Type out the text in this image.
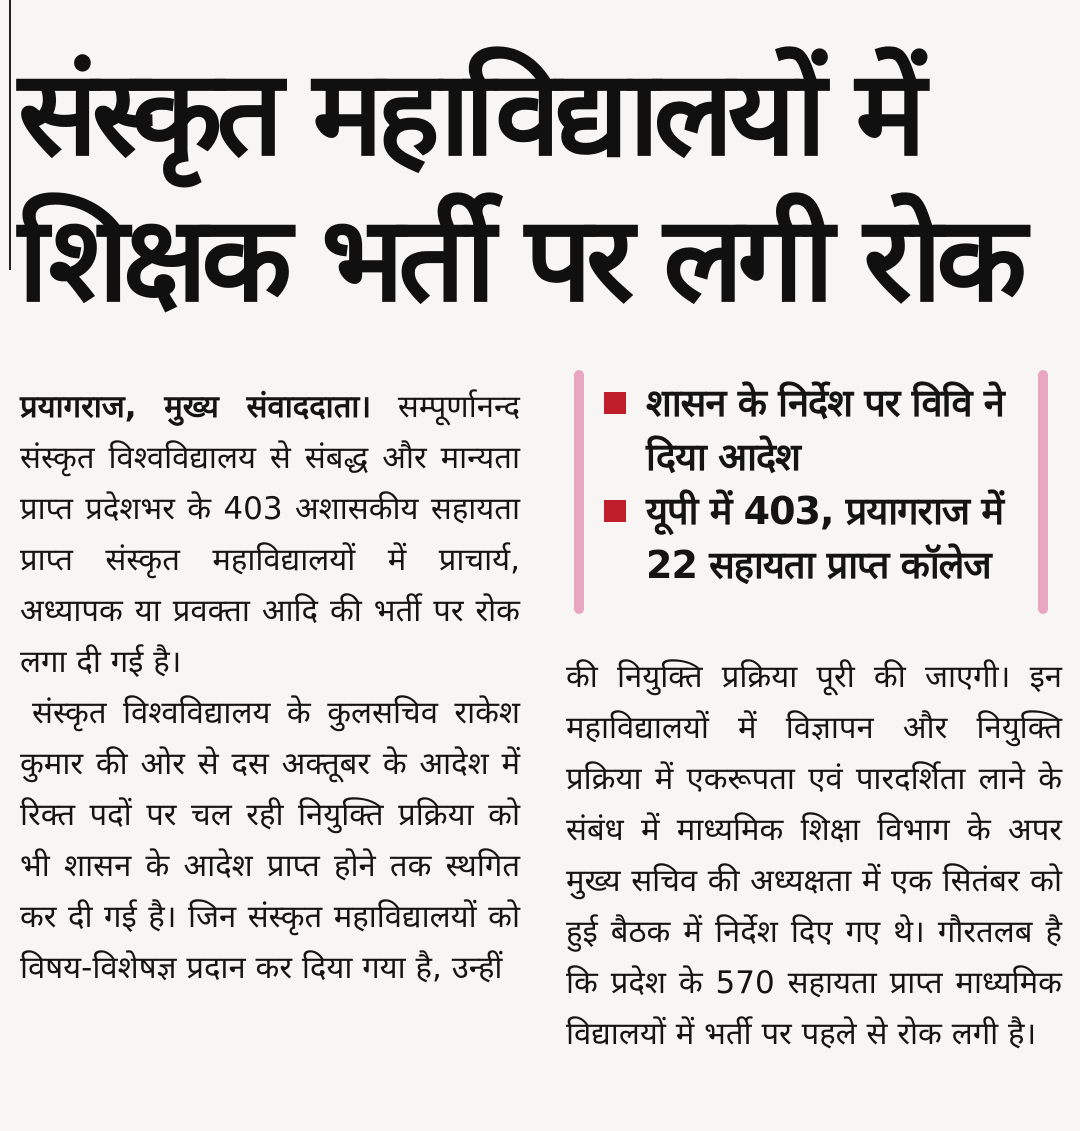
संस्कृत महाविद्यालयों में
शिक्षक भर्ती पर लगी रोक

प्रयागराज, मुख्य संवाददाता। सम्पूर्णानन्द संस्कृत विश्वविद्यालय से संबद्ध और मान्यता प्राप्त प्रदेशभर के 403 अशासकीय सहायता प्राप्त संस्कृत महाविद्यालयों में प्राचार्य, अध्यापक या प्रवक्ता आदि की भर्ती पर रोक लगा दी गई है।

संस्कृत विश्वविद्यालय के कुलसचिव राकेश कुमार की ओर से दस अक्तूबर के आदेश में रिक्त पदों पर चल रही नियुक्ति प्रक्रिया को भी शासन के आदेश प्राप्त होने तक स्थगित कर दी गई है। जिन संस्कृत महाविद्यालयों को विषय-विशेषज्ञ प्रदान कर दिया गया है, उन्हीं

शासन के निर्देश पर विवि ने दिया आदेश
यूपी में 403, प्रयागराज में 22 सहायता प्राप्त कॉलेज

की नियुक्ति प्रक्रिया पूरी की जाएगी। इन महाविद्यालयों में विज्ञापन और नियुक्ति प्रक्रिया में एकरूपता एवं पारदर्शिता लाने के संबंध में माध्यमिक शिक्षा विभाग के अपर मुख्य सचिव की अध्यक्षता में एक सितंबर को हुई बैठक में निर्देश दिए गए थे। गौरतलब है कि प्रदेश के 570 सहायता प्राप्त माध्यमिक विद्यालयों में भर्ती पर पहले से रोक लगी है।
